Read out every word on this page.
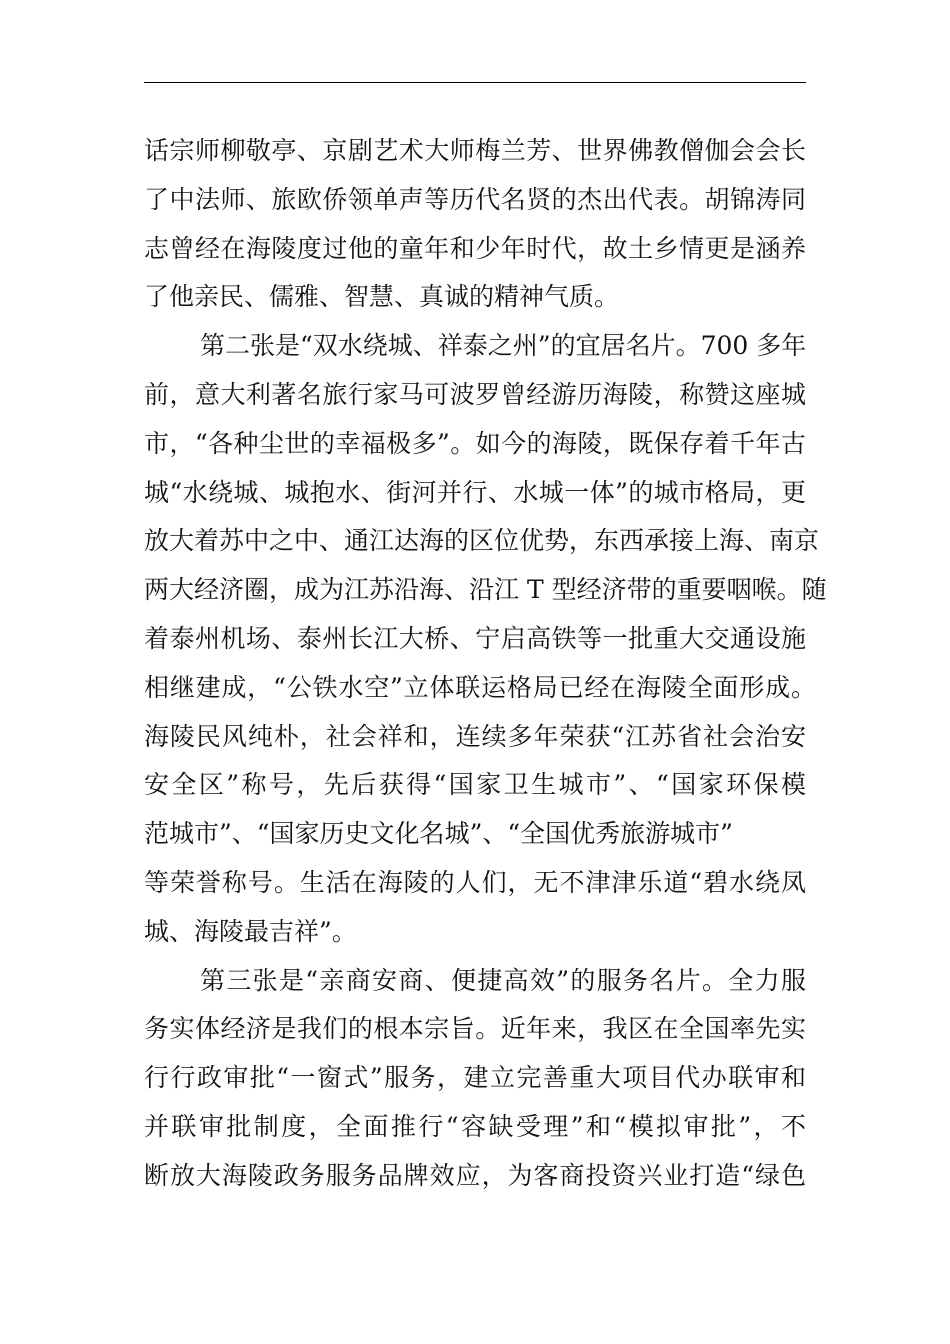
话宗师柳敬亭、京剧艺术大师梅兰芳、世界佛教僧伽会会长
了中法师、旅欧侨领单声等历代名贤的杰出代表。胡锦涛同
志曾经在海陵度过他的童年和少年时代，故土乡情更是涵养
了他亲民、儒雅、智慧、真诚的精神气质。
第二张是“双水绕城、祥泰之州”的宜居名片。700 多年
前，意大利著名旅行家马可波罗曾经游历海陵，称赞这座城
市，“各种尘世的幸福极多”。如今的海陵，既保存着千年古
城“水绕城、城抱水、街河并行、水城一体”的城市格局，更
放大着苏中之中、通江达海的区位优势，东西承接上海、南京
两大经济圈，成为江苏沿海、沿江 T 型经济带的重要咽喉。随
着泰州机场、泰州长江大桥、宁启高铁等一批重大交通设施
相继建成，“公铁水空”立体联运格局已经在海陵全面形成。
海陵民风纯朴，社会祥和，连续多年荣获“江苏省社会治安
安全区”称号，先后获得“国家卫生城市”、“国家环保模
范城市”、“国家历史文化名城”、“全国优秀旅游城市”
等荣誉称号。生活在海陵的人们，无不津津乐道“碧水绕凤
城、海陵最吉祥”。
第三张是“亲商安商、便捷高效”的服务名片。全力服
务实体经济是我们的根本宗旨。近年来，我区在全国率先实
行行政审批“一窗式”服务，建立完善重大项目代办联审和
并联审批制度，全面推行“容缺受理”和“模拟审批”，不
断放大海陵政务服务品牌效应，为客商投资兴业打造“绿色
